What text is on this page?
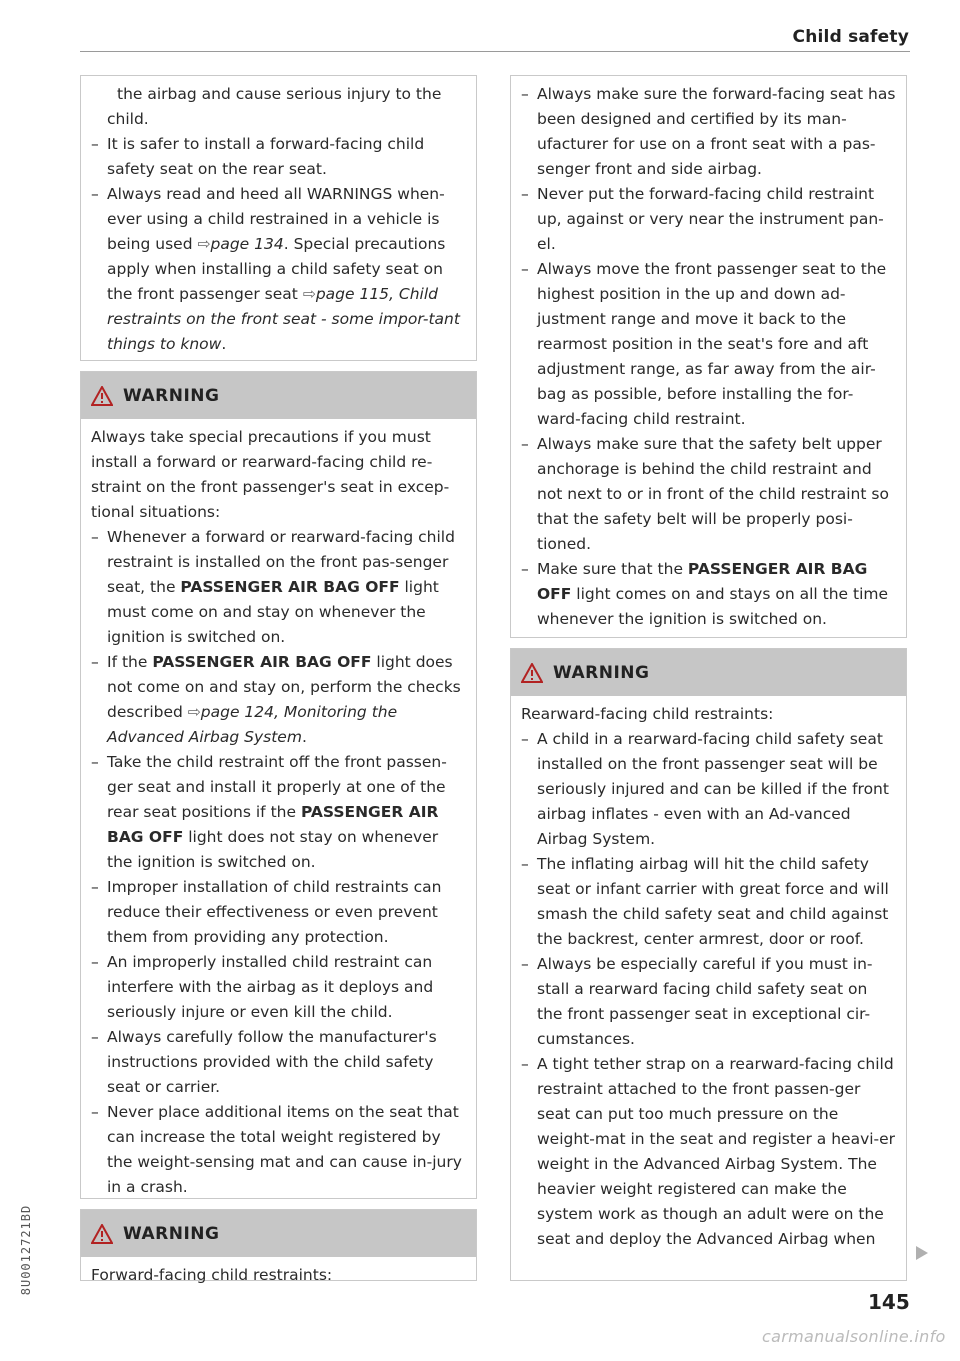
Child safety

the airbag and cause serious injury to the child.

– It is safer to install a forward-facing child safety seat on the rear seat.

– Always read and heed all WARNINGS when-ever using a child restrained in a vehicle is being used ⇨page 134. Special precautions apply when installing a child safety seat on the front passenger seat ⇨page 115, Child restraints on the front seat - some impor-tant things to know.

WARNING

Always take special precautions if you must install a forward or rearward-facing child re-straint on the front passenger's seat in excep-tional situations:

– Whenever a forward or rearward-facing child restraint is installed on the front pas-senger seat, the PASSENGER AIR BAG OFF light must come on and stay on whenever the ignition is switched on.

– If the PASSENGER AIR BAG OFF light does not come on and stay on, perform the checks described ⇨page 124, Monitoring the Advanced Airbag System.

– Take the child restraint off the front passen-ger seat and install it properly at one of the rear seat positions if the PASSENGER AIR BAG OFF light does not stay on whenever the ignition is switched on.

– Improper installation of child restraints can reduce their effectiveness or even prevent them from providing any protection.

– An improperly installed child restraint can interfere with the airbag as it deploys and seriously injure or even kill the child.

– Always carefully follow the manufacturer's instructions provided with the child safety seat or carrier.

– Never place additional items on the seat that can increase the total weight registered by the weight-sensing mat and can cause in-jury in a crash.

WARNING

Forward-facing child restraints:

– Always make sure the forward-facing seat has been designed and certified by its man-ufacturer for use on a front seat with a pas-senger front and side airbag.

– Never put the forward-facing child restraint up, against or very near the instrument pan-el.

– Always move the front passenger seat to the highest position in the up and down ad-justment range and move it back to the rearmost position in the seat's fore and aft adjustment range, as far away from the air-bag as possible, before installing the for-ward-facing child restraint.

– Always make sure that the safety belt upper anchorage is behind the child restraint and not next to or in front of the child restraint so that the safety belt will be properly posi-tioned.

– Make sure that the PASSENGER AIR BAG OFF light comes on and stays on all the time whenever the ignition is switched on.

WARNING

Rearward-facing child restraints:

– A child in a rearward-facing child safety seat installed on the front passenger seat will be seriously injured and can be killed if the front airbag inflates - even with an Ad-vanced Airbag System.

– The inflating airbag will hit the child safety seat or infant carrier with great force and will smash the child safety seat and child against the backrest, center armrest, door or roof.

– Always be especially careful if you must in-stall a rearward facing child safety seat on the front passenger seat in exceptional cir-cumstances.

– A tight tether strap on a rearward-facing child restraint attached to the front passen-ger seat can put too much pressure on the weight-mat in the seat and register a heavi-er weight in the Advanced Airbag System. The heavier weight registered can make the system work as though an adult were on the seat and deploy the Advanced Airbag when

8U0012721BD
145
carmanualsonline.info
